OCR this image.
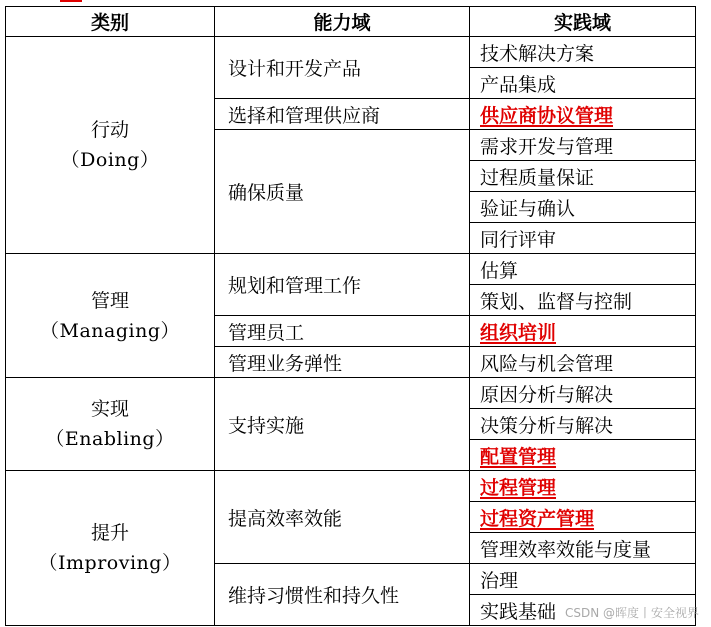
类别	能力域	实践域

行动
（Doing）	设计和开发产品	技术解决方案
		产品集成
	选择和管理供应商	供应商协议管理
	确保质量	需求开发与管理
		过程质量保证
		验证与确认
		同行评审

管理
（Managing）	规划和管理工作	估算
		策划、监督与控制
	管理员工	组织培训
	管理业务弹性	风险与机会管理

实现
（Enabling）	支持实施	原因分析与解决
		决策分析与解决
		配置管理

提升
（Improving）	提高效率效能	过程管理
		过程资产管理
		管理效率效能与度量
	维持习惯性和持久性	治理
		实践基础 CSDN @晖度丨安全视界
